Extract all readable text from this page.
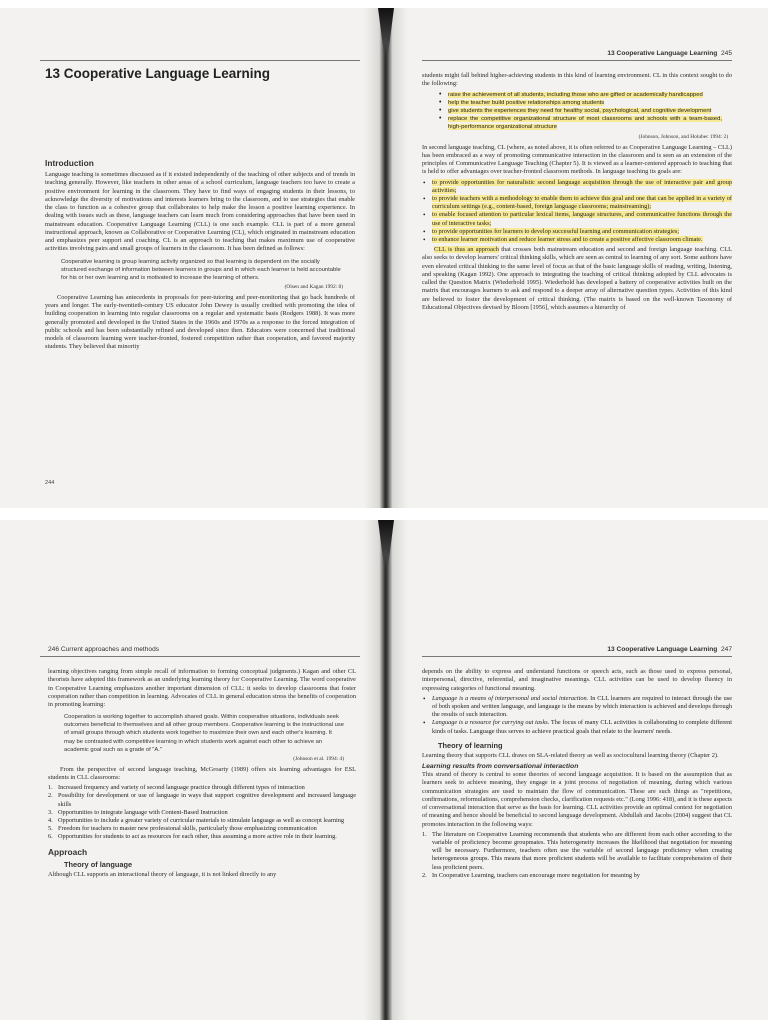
13 Cooperative Language Learning
Introduction

Language teaching is sometimes discussed as if it existed independently of the teaching of other subjects and of trends in teaching generally. However, like teachers in other areas of a school curriculum, language teachers too have to create a positive environment for learning in the classroom. They have to find ways of engaging students in their lessons, to acknowledge the diversity of motivations and interests learners bring to the classroom, and to use strategies that enable the class to function as a cohesive group that collaborates to help make the lesson a positive learning experience. In dealing with issues such as these, language teachers can learn much from considering approaches that have been used in mainstream education. Cooperative Language Learning (CLL) is one such example. CLL is part of a more general instructional approach, known as Collaborative or Cooperative Learning (CL), which originated in mainstream education and emphasizes peer support and coaching. CL is an approach to teaching that makes maximum use of cooperative activities involving pairs and small groups of learners in the classroom. It has been defined as follows:

Cooperative learning is group learning activity organized so that learning is dependent on the socially structured exchange of information between learners in groups and in which each learner is held accountable for his or her own learning and is motivated to increase the learning of others.

(Olsen and Kagan 1992: 8)

Cooperative Learning has antecedents in proposals for peer-tutoring and peer-monitoring that go back hundreds of years and longer. The early-twentieth-century US educator John Dewey is usually credited with promoting the idea of building cooperation in learning into regular classrooms on a regular and systematic basis (Rodgers 1988). It was more generally promoted and developed in the United States in the 1960s and 1970s as a response to the forced integration of public schools and has been substantially refined and developed since then. Educators were concerned that traditional models of classroom learning were teacher-fronted, fostered competition rather than cooperation, and favored majority students. They believed that minority

244
13 Cooperative Language Learning 245

students might fall behind higher-achieving students in this kind of learning environment. CL in this context sought to do the following:

• raise the achievement of all students, including those who are gifted or academically handicapped
• help the teacher build positive relationships among students
• give students the experiences they need for healthy social, psychological, and cognitive development
• replace the competitive organizational structure of most classrooms and schools with a team-based, high-performance organizational structure

(Johnson, Johnson, and Holubec 1994: 2)

In second language teaching, CL (where, as noted above, it is often referred to as Cooperative Language Learning – CLL) has been embraced as a way of promoting communicative interaction in the classroom and is seen as an extension of the principles of Communicative Language Teaching (Chapter 5). It is viewed as a learner-centered approach to teaching that is held to offer advantages over teacher-fronted classroom methods. In language teaching its goals are:

• to provide opportunities for naturalistic second language acquisition through the use of interactive pair and group activities;
• to provide teachers with a methodology to enable them to achieve this goal and one that can be applied in a variety of curriculum settings (e.g., content-based, foreign language classrooms; mainstreaming);
• to enable focused attention to particular lexical items, language structures, and communicative functions through the use of interactive tasks;
• to provide opportunities for learners to develop successful learning and communication strategies;
• to enhance learner motivation and reduce learner stress and to create a positive affective classroom climate.

CLL is thus an approach that crosses both mainstream education and second and foreign language teaching. CLL also seeks to develop learners' critical thinking skills, which are seen as central to learning of any sort. Some authors have even elevated critical thinking to the same level of focus as that of the basic language skills of reading, writing, listening, and speaking (Kagan 1992). One approach to integrating the teaching of critical thinking adopted by CLL advocates is called the Question Matrix (Wiederhold 1995). Wiederhold has developed a battery of cooperative activities built on the matrix that encourages learners to ask and respond to a deeper array of alternative question types. Activities of this kind are believed to foster the development of critical thinking. (The matrix is based on the well-known Taxonomy of Educational Objectives devised by Bloom [1956], which assumes a hierarchy of

246 Current approaches and methods

learning objectives ranging from simple recall of information to forming conceptual judgments.) Kagan and other CL theorists have adopted this framework as an underlying learning theory for Cooperative Learning. The word cooperative in Cooperative Learning emphasizes another important dimension of CLL: it seeks to develop classrooms that foster cooperation rather than competition in learning. Advocates of CLL in general education stress the benefits of cooperation in promoting learning:

Cooperation is working together to accomplish shared goals. Within cooperative situations, individuals seek outcomes beneficial to themselves and all other group members. Cooperative learning is the instructional use of small groups through which students work together to maximize their own and each other's learning. It may be contrasted with competitive learning in which students work against each other to achieve an academic goal such as a grade of "A."

(Johnson et al. 1994: 4)

From the perspective of second language teaching, McGroarty (1989) offers six learning advantages for ESL students in CLL classrooms:

1. Increased frequency and variety of second language practice through different types of interaction
2. Possibility for development or use of language in ways that support cognitive development and increased language skills
3. Opportunities to integrate language with Content-Based Instruction
4. Opportunities to include a greater variety of curricular materials to stimulate language as well as concept learning
5. Freedom for teachers to master new professional skills, particularly those emphasizing communication
6. Opportunities for students to act as resources for each other, thus assuming a more active role in their learning.
Approach
Theory of language

Although CLL supports an interactional theory of language, it is not linked directly to any

13 Cooperative Language Learning 247

depends on the ability to express and understand functions or speech acts, such as those used to express personal, interpersonal, directive, referential, and imaginative meanings. CLL activities can be used to develop fluency in expressing categories of functional meaning.

• Language is a means of interpersonal and social interaction. In CLL learners are required to interact through the use of both spoken and written language, and language is the means by which interaction is achieved and develops through the results of such interaction.
• Language is a resource for carrying out tasks. The focus of many CLL activities is collaborating to complete different kinds of tasks. Language thus serves to achieve practical goals that relate to the learners' needs.
Theory of learning

Learning theory that supports CLL draws on SLA-related theory as well as sociocultural learning theory (Chapter 2).

Learning results from conversational interaction

This strand of theory is central to some theories of second language acquisition. It is based on the assumption that as learners seek to achieve meaning, they engage in a joint process of negotiation of meaning, during which various communication strategies are used to maintain the flow of communication. These are such things as "repetitions, confirmations, reformulations, comprehension checks, clarification requests etc." (Long 1996: 418), and it is these aspects of conversational interaction that serve as the basis for learning. CLL activities provide an optimal context for negotiation of meaning and hence should be beneficial to second language development. Abdullah and Jacobs (2004) suggest that CL promotes interaction in the following ways:

1. The literature on Cooperative Learning recommends that students who are different from each other according to the variable of proficiency become groupmates. This heterogeneity increases the likelihood that negotiation for meaning will be necessary. Furthermore, teachers often use the variable of second language proficiency when creating heterogeneous groups. This means that more proficient students will be available to facilitate comprehension of their less proficient peers.
2. In Cooperative Learning, teachers can encourage more negotiation for meaning by
